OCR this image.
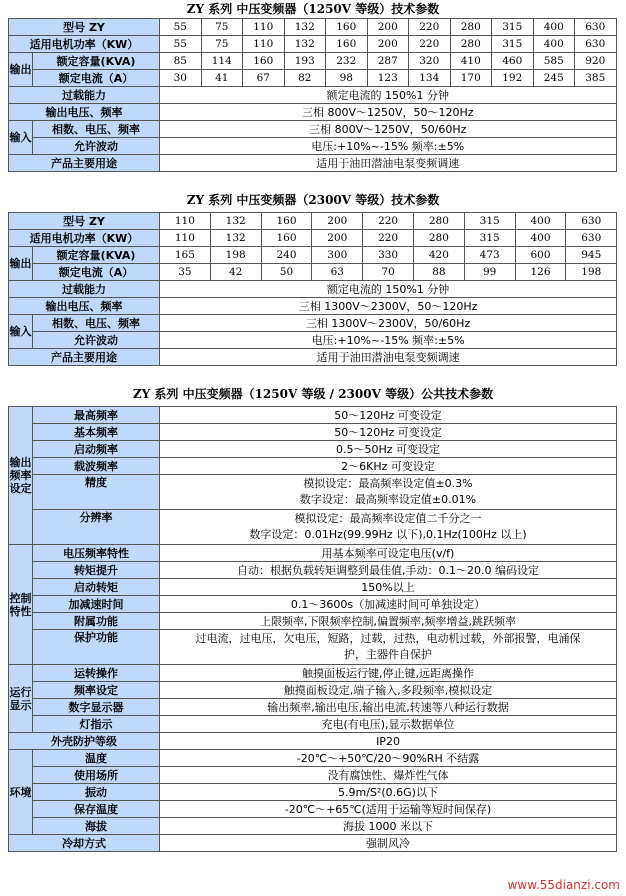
ZY 系列 中压变频器（1250V 等级）技术参数
型号 ZY		55	75	110	132	160	200	220	280	315	400	630
适用电机功率（KW）		55	75	110	132	160	200	220	280	315	400	630
输出	额定容量(KVA)	85	114	160	193	232	287	320	410	460	585	920
	额定电流（A）	30	41	67	82	98	123	134	170	192	245	385
过载能力		额定电流的 150%1 分钟										
输出电压、频率		三相 800V～1250V，50～120Hz										
输入	相数、电压、频率	三相 800V～1250V，50/60Hz										
	允许波动	电压:+10%~-15% 频率:±5%										
产品主要用途		适用于油田潜油电泵变频调速										
ZY 系列 中压变频器（2300V 等级）技术参数
型号 ZY		110	132	160	200	220	280	315	400	630
适用电机功率（KW）		110	132	160	200	220	280	315	400	630
输出	额定容量(KVA)	165	198	240	300	330	420	473	600	945
	额定电流（A）	35	42	50	63	70	88	99	126	198
过载能力		额定电流的 150%1 分钟								
输出电压、频率		三相 1300V～2300V，50～120Hz								
输入	相数、电压、频率	三相 1300V～2300V，50/60Hz								
	允许波动	电压:+10%~-15% 频率:±5%								
产品主要用途		适用于油田潜油电泵变频调速								
ZY 系列 中压变频器（1250V 等级 / 2300V 等级）公共技术参数
输出频率设定	最高频率	50～120Hz 可变设定
	基本频率	50～120Hz 可变设定
	启动频率	0.5～50Hz 可变设定
	载波频率	2～6KHz 可变设定
	精度	模拟设定：最高频率设定值±0.3%
数字设定：最高频率设定值±0.01%

	分辨率	模拟设定：最高频率设定值二千分之一
数字设定：0.01Hz(99.99Hz 以下),0.1Hz(100Hz 以上)

控制特性	电压频率特性	用基本频率可设定电压(v/f)
	转矩提升	自动：根据负载转矩调整到最佳值,手动：0.1～20.0 编码设定
	启动转矩	150%以上
	加减速时间	0.1～3600s（加减速时间可单独设定）
	附属功能	上限频率,下限频率控制,偏置频率,频率增益,跳跃频率
	保护功能	过电流，过电压，欠电压，短路，过载，过热，电动机过载，外部报警，电涌保
护，主器件自保护

运行显示	运转操作	触摸面板运行键,停止键,远距离操作
	频率设定	触摸面板设定,端子输入,多段频率,模拟设定
	数字显示器	输出频率,输出电压,输出电流,转速等八种运行数据
	灯指示	充电(有电压),显示数据单位
外壳防护等级		IP20
环境	温度	-20℃～+50℃/20～90%RH 不结露
	使用场所	没有腐蚀性、爆炸性气体
	振动	5.9m/S²(0.6G)以下
	保存温度	-20℃～+65℃(适用于运输等短时间保存)
	海拔	海拔 1000 米以下
冷却方式		强制风冷
www.55dianzi.com
